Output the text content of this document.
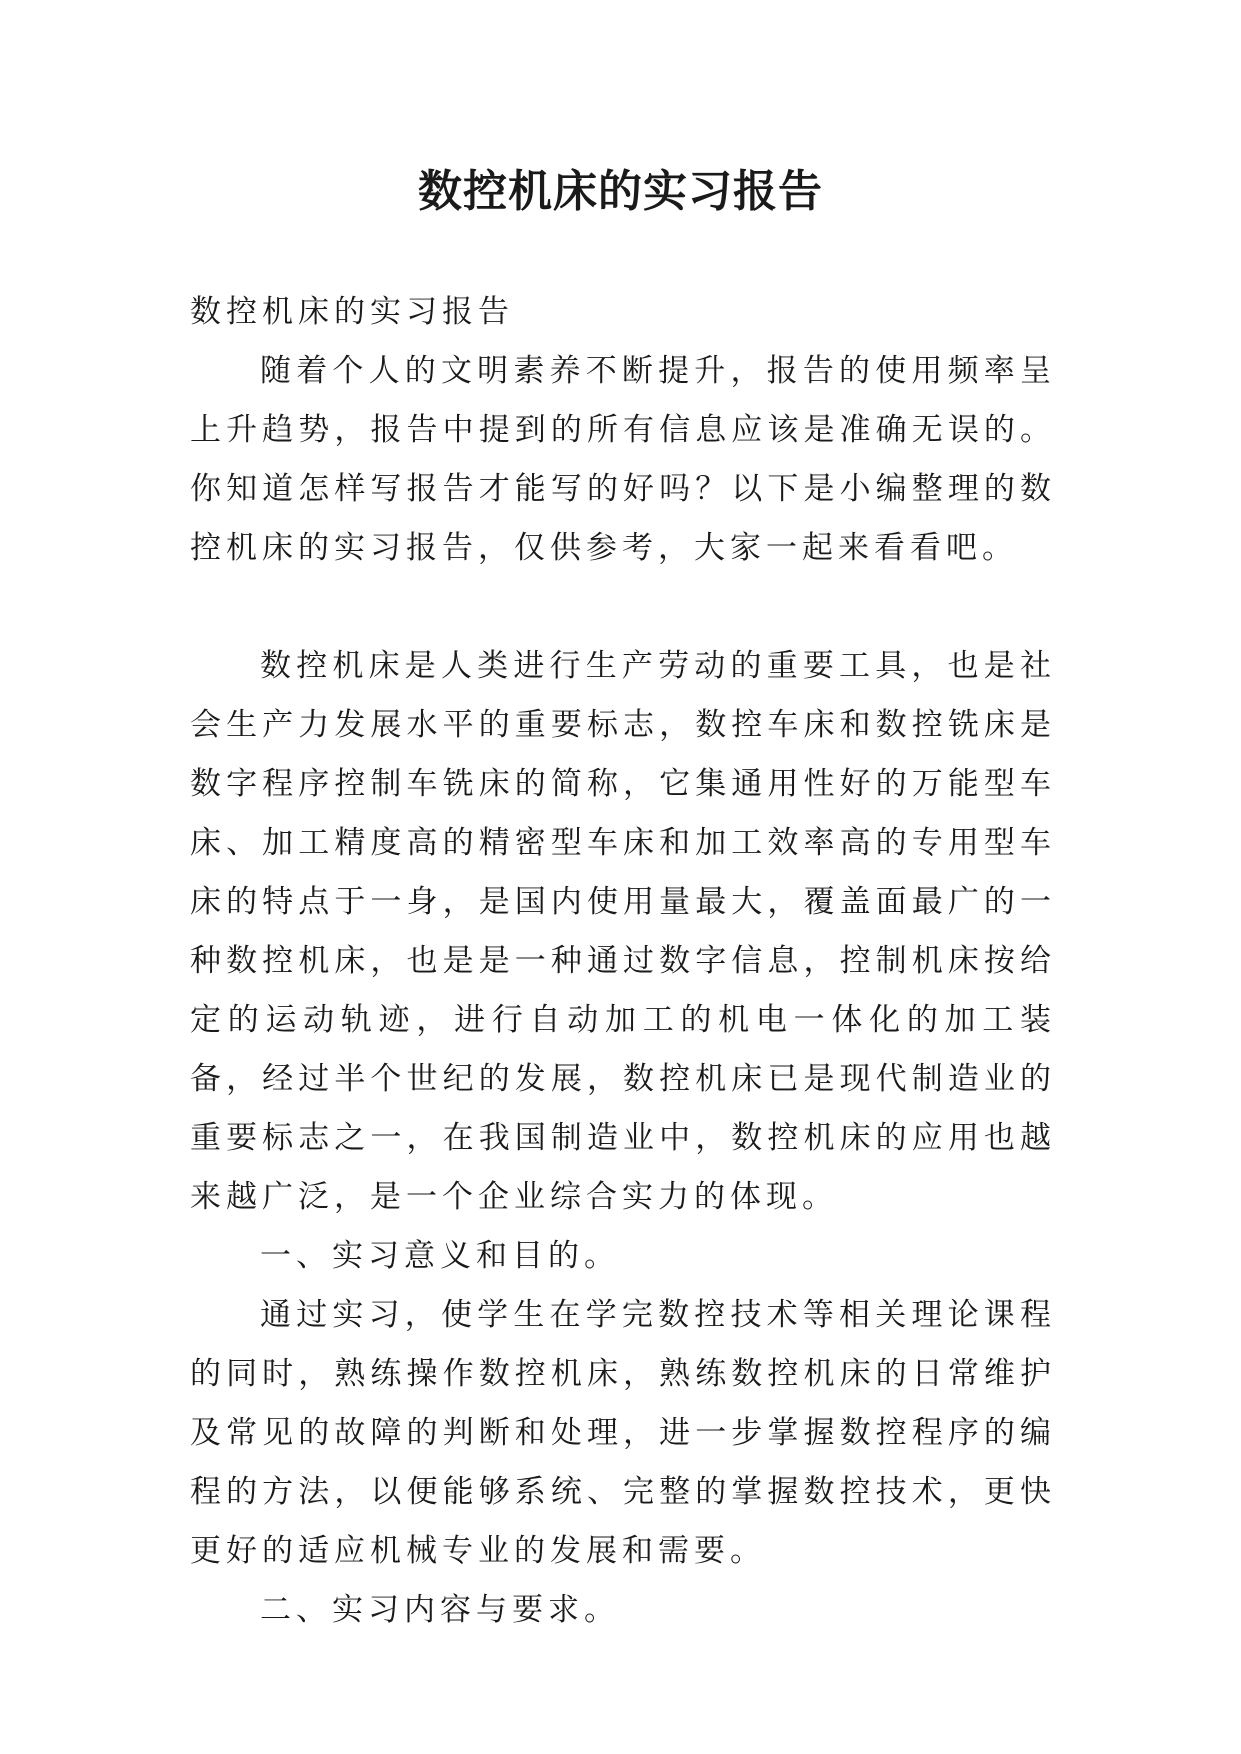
数控机床的实习报告

数控机床的实习报告

随着个人的文明素养不断提升，报告的使用频率呈上升趋势，报告中提到的所有信息应该是准确无误的。你知道怎样写报告才能写的好吗？以下是小编整理的数控机床的实习报告，仅供参考，大家一起来看看吧。

数控机床是人类进行生产劳动的重要工具，也是社会生产力发展水平的重要标志，数控车床和数控铣床是数字程序控制车铣床的简称，它集通用性好的万能型车床、加工精度高的精密型车床和加工效率高的专用型车床的特点于一身，是国内使用量最大，覆盖面最广的一种数控机床，也是是一种通过数字信息，控制机床按给定的运动轨迹，进行自动加工的机电一体化的加工装备，经过半个世纪的发展，数控机床已是现代制造业的重要标志之一，在我国制造业中，数控机床的应用也越来越广泛，是一个企业综合实力的体现。

一、实习意义和目的。

通过实习，使学生在学完数控技术等相关理论课程的同时，熟练操作数控机床，熟练数控机床的日常维护及常见的故障的判断和处理，进一步掌握数控程序的编程的方法，以便能够系统、完整的掌握数控技术，更快更好的适应机械专业的发展和需要。

二、实习内容与要求。
